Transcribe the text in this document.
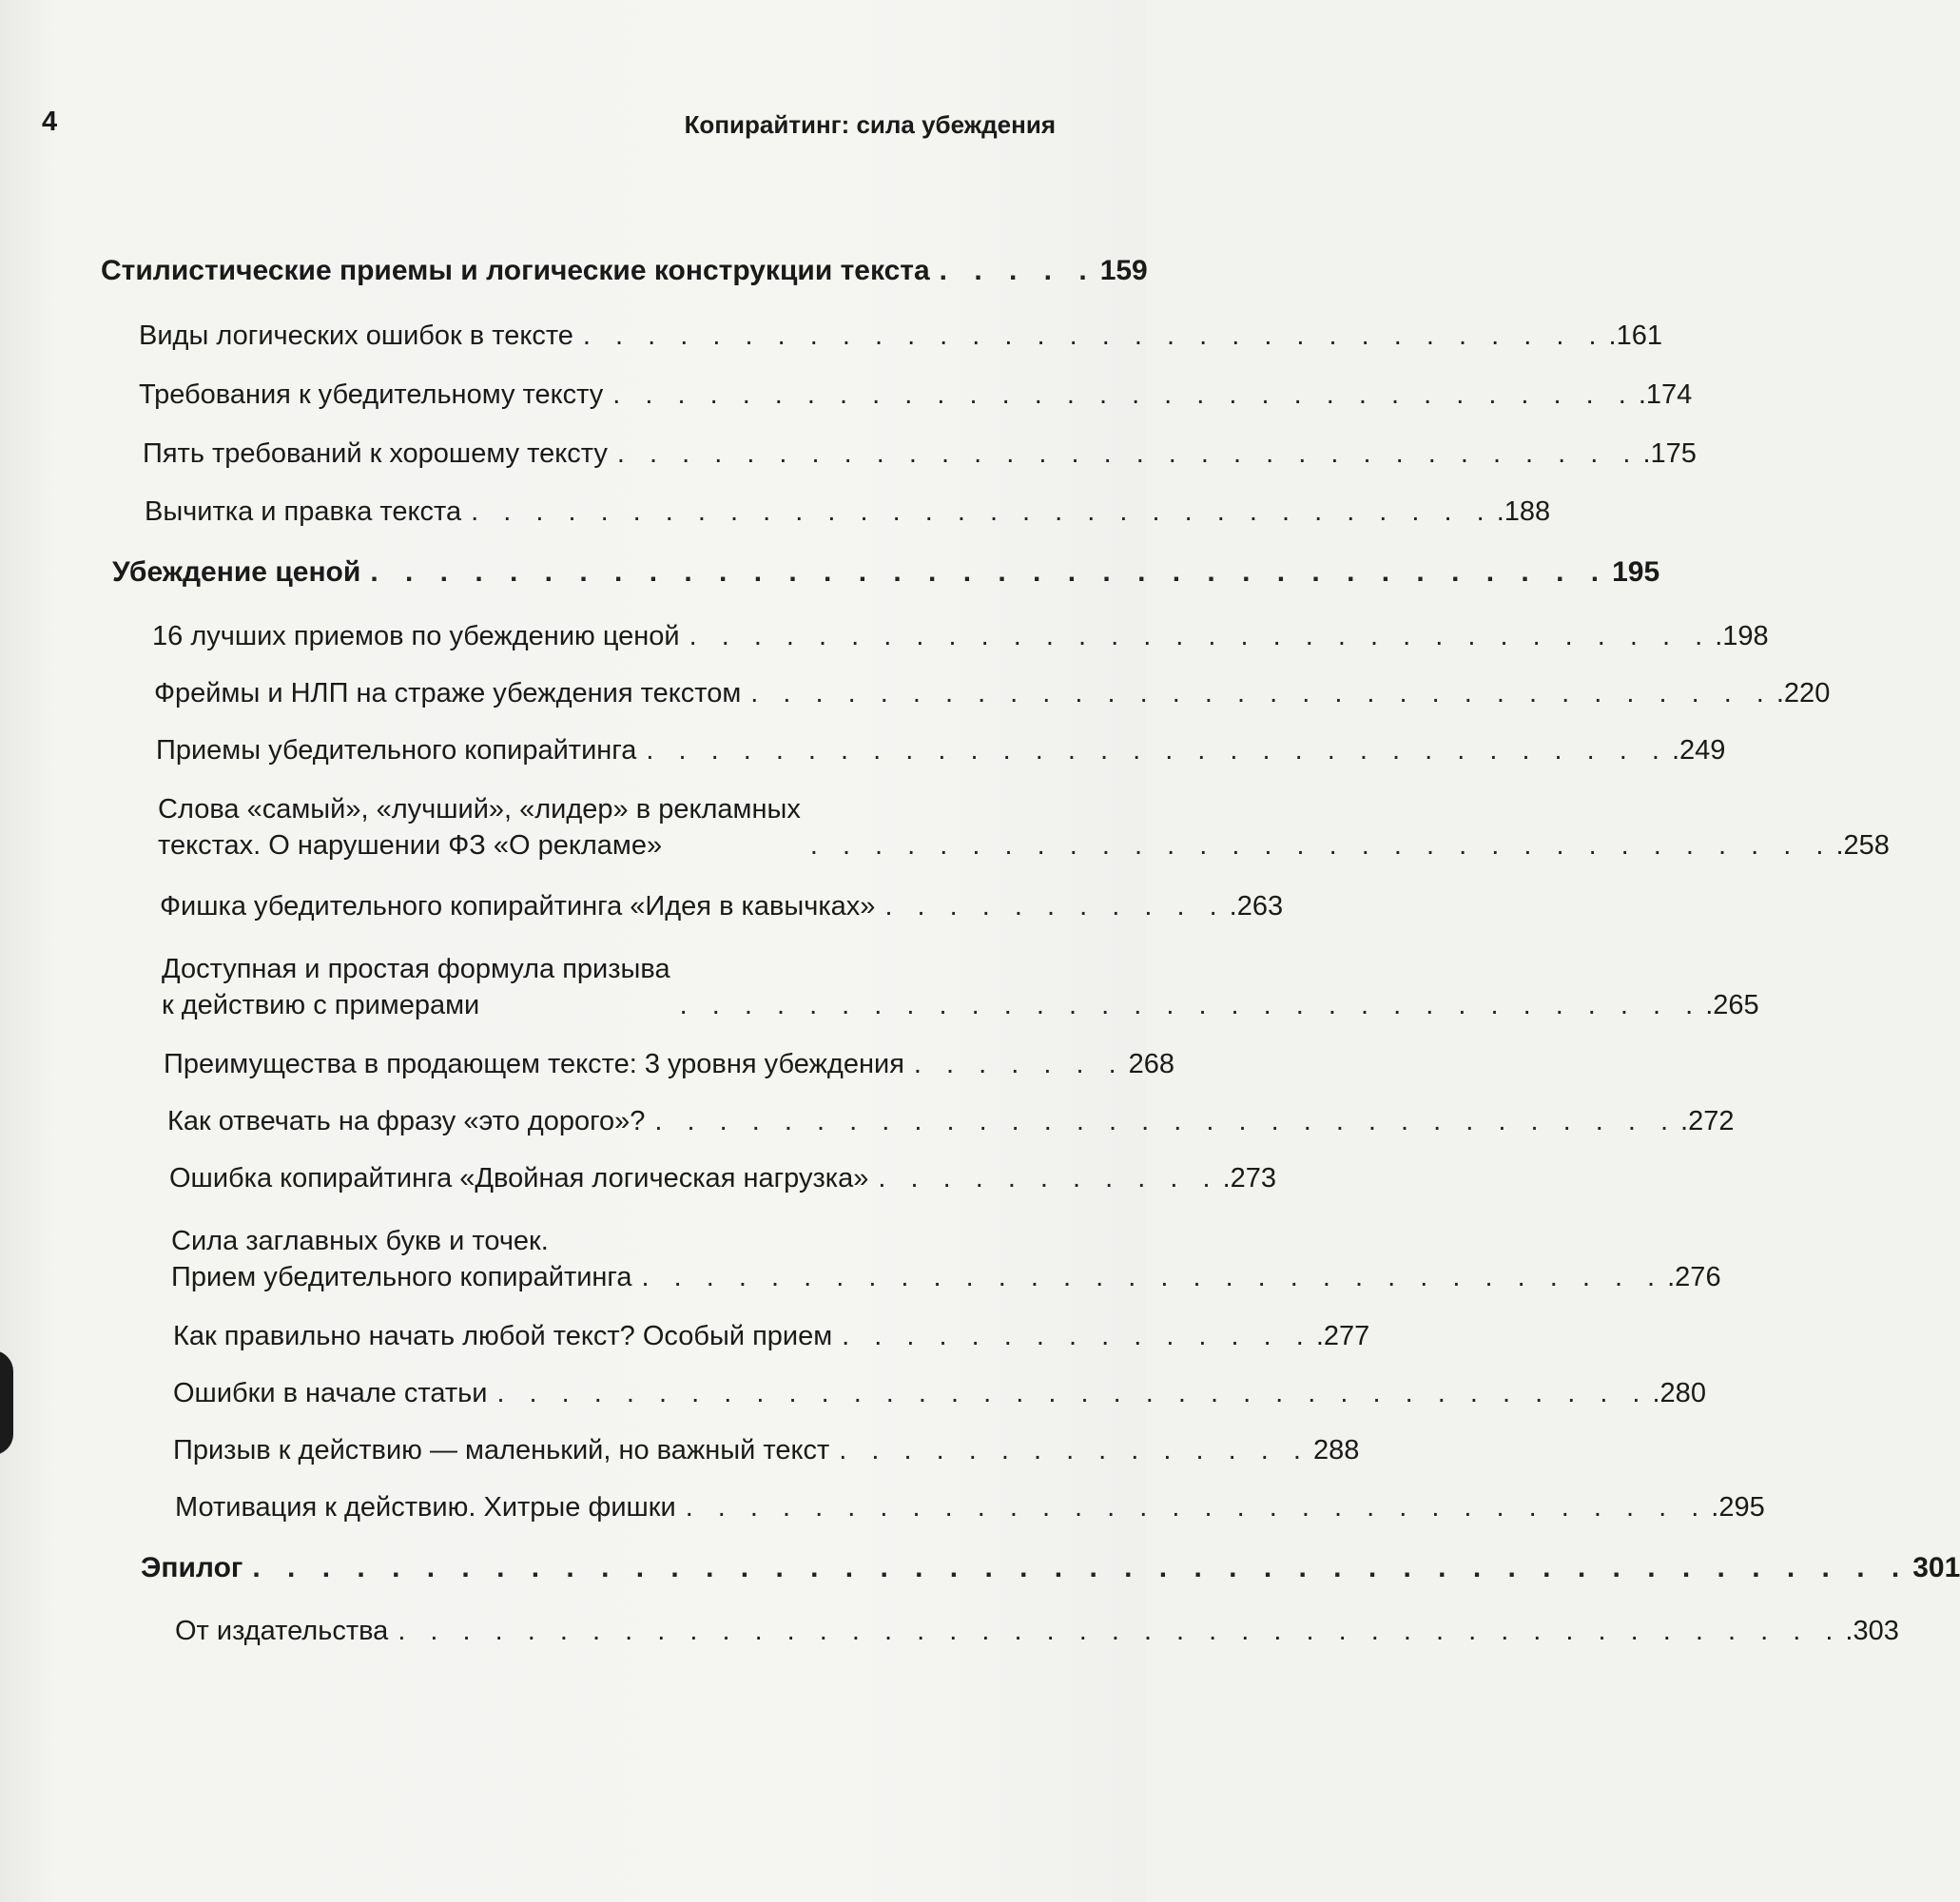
4	Копирайтинг: сила убеждения
Стилистические приемы и логические конструкции текста . . . . . 159
Виды логических ошибок в тексте . . . . . . . . . . . . . . . . . . . . . . . . . . . . . . . . .161
Требования к убедительному тексту . . . . . . . . . . . . . . . . . . . . . . . . . . . . . . . . .174
Пять требований к хорошему тексту . . . . . . . . . . . . . . . . . . . . . . . . . . . . . . . . .175
Вычитка и правка текста . . . . . . . . . . . . . . . . . . . . . . . . . . . . . . . . .188
Убеждение ценой . . . . . . . . . . . . . . . . . . . . . . . . . . . . . . . . . . . . 195
16 лучших приемов по убеждению ценой . . . . . . . . . . . . . . . . . . . . . . . . . . . . . . . . .198
Фреймы и НЛП на страже убеждения текстом . . . . . . . . . . . . . . . . . . . . . . . . . . . . . . . . .220
Приемы убедительного копирайтинга . . . . . . . . . . . . . . . . . . . . . . . . . . . . . . . . .249
Слова «самый», «лучший», «лидер» в рекламных
текстах. О нарушении ФЗ «О рекламе»	. . . . . . . . . . . . . . . . . . . . . . . . . . . . . . . . .258
Фишка убедительного копирайтинга «Идея в кавычках» . . . . . . . . . . . .263
Доступная и простая формула призыва
к действию с примерами	. . . . . . . . . . . . . . . . . . . . . . . . . . . . . . . . .265
Преимущества в продающем тексте: 3 уровня убеждения . . . . . . . 268
Как отвечать на фразу «это дорого»? . . . . . . . . . . . . . . . . . . . . . . . . . . . . . . . . .272
Ошибка копирайтинга «Двойная логическая нагрузка» . . . . . . . . . . . .273
Сила заглавных букв и точек.
Прием убедительного копирайтинга . . . . . . . . . . . . . . . . . . . . . . . . . . . . . . . . .276
Как правильно начать любой текст? Особый прием . . . . . . . . . . . . . . . .277
Ошибки в начале статьи . . . . . . . . . . . . . . . . . . . . . . . . . . . . . . . . . . . . .280
Призыв к действию — маленький, но важный текст . . . . . . . . . . . . . . . 288
Мотивация к действию. Хитрые фишки . . . . . . . . . . . . . . . . . . . . . . . . . . . . . . . . .295
Эпилог . . . . . . . . . . . . . . . . . . . . . . . . . . . . . . . . . . . . . . . . . . . . . . . . 301
От издательства . . . . . . . . . . . . . . . . . . . . . . . . . . . . . . . . . . . . . . . . . . . . . .303
